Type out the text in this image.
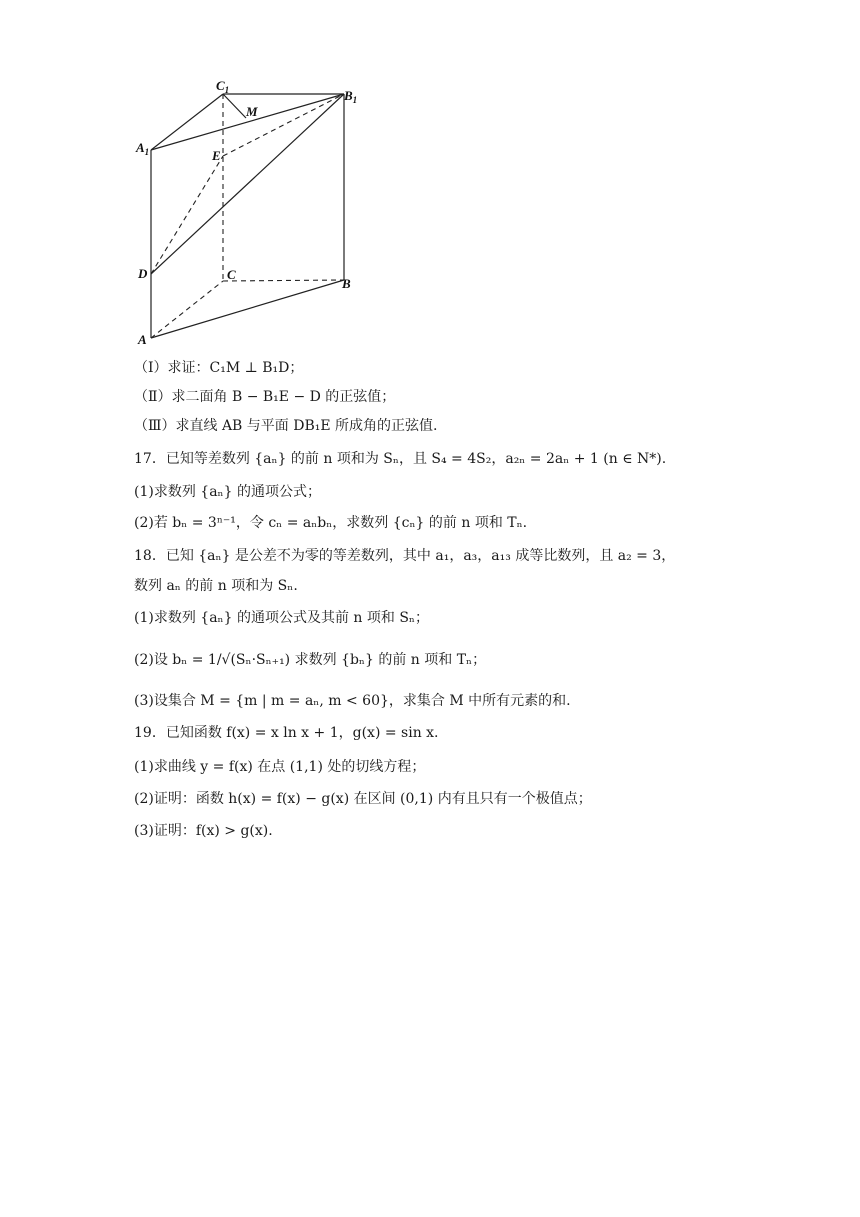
$C_1$	$B_1$
$A_1$
M
E
D	C
B
A
（Ⅰ）求证：C₁M ⊥ B₁D；
（Ⅱ）求二面角 B − B₁E − D 的正弦值；
（Ⅲ）求直线 AB 与平面 DB₁E 所成角的正弦值.
17．已知等差数列 {aₙ} 的前 n 项和为 Sₙ，且 S₄ = 4S₂，a₂ₙ = 2aₙ + 1 (n ∈ N*).
(1)求数列 {aₙ} 的通项公式；
(2)若 bₙ = 3ⁿ⁻¹，令 cₙ = aₙbₙ，求数列 {cₙ} 的前 n 项和 Tₙ.
18．已知 {aₙ} 是公差不为零的等差数列，其中 a₁，a₃，a₁₃ 成等比数列，且 a₂ = 3，
数列 aₙ 的前 n 项和为 Sₙ.
(1)求数列 {aₙ} 的通项公式及其前 n 项和 Sₙ；
(2)设 bₙ = 1/√(Sₙ·Sₙ₊₁) 求数列 {bₙ} 的前 n 项和 Tₙ；
(3)设集合 M = {m | m = aₙ, m < 60}，求集合 M 中所有元素的和.
19．已知函数 f(x) = x ln x + 1，g(x) = sin x.
(1)求曲线 y = f(x) 在点 (1,1) 处的切线方程；
(2)证明：函数 h(x) = f(x) − g(x) 在区间 (0,1) 内有且只有一个极值点；
(3)证明：f(x) > g(x).
